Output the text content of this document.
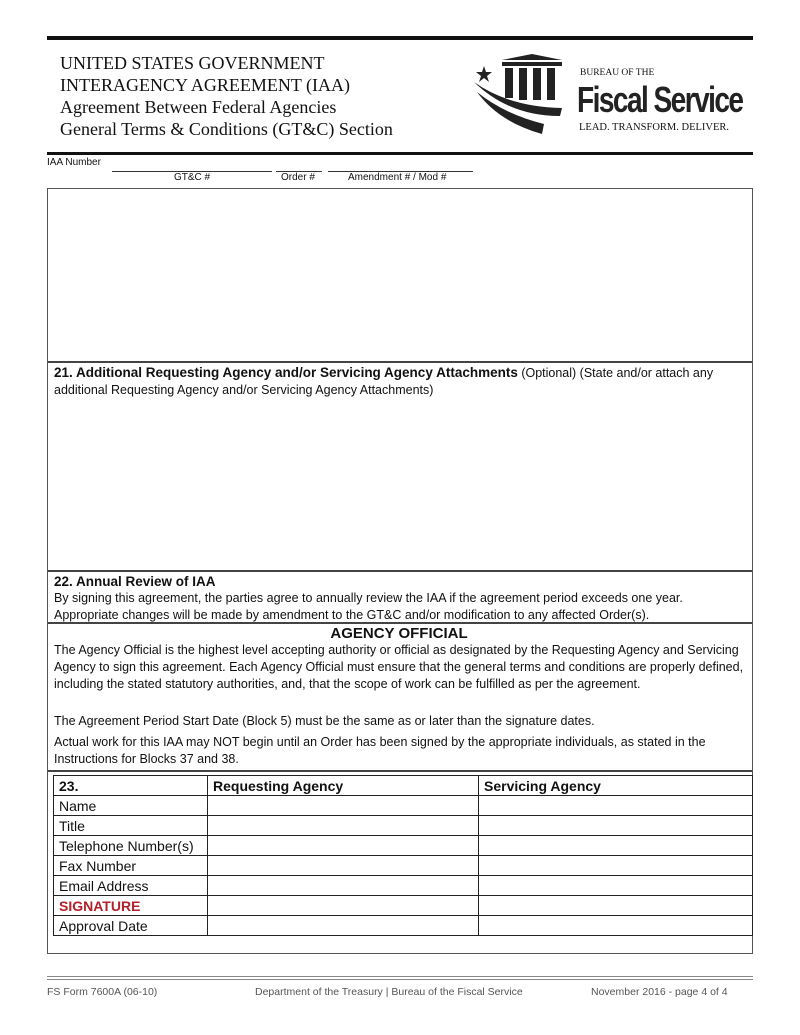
UNITED STATES GOVERNMENT
INTERAGENCY AGREEMENT (IAA)
Agreement Between Federal Agencies
General Terms & Conditions (GT&C) Section
BUREAU OF THE
Fiscal Service
LEAD. TRANSFORM. DELIVER.
IAA Number
GT&C #	Order #	Amendment # / Mod #
21. Additional Requesting Agency and/or Servicing Agency Attachments (Optional) (State and/or attach any additional Requesting Agency and/or Servicing Agency Attachments)
22. Annual Review of IAA
By signing this agreement, the parties agree to annually review the IAA if the agreement period exceeds one year. Appropriate changes will be made by amendment to the GT&C and/or modification to any affected Order(s).
AGENCY OFFICIAL
The Agency Official is the highest level accepting authority or official as designated by the Requesting Agency and Servicing Agency to sign this agreement. Each Agency Official must ensure that the general terms and conditions are properly defined, including the stated statutory authorities, and, that the scope of work can be fulfilled as per the agreement.
The Agreement Period Start Date (Block 5) must be the same as or later than the signature dates.
Actual work for this IAA may NOT begin until an Order has been signed by the appropriate individuals, as stated in the Instructions for Blocks 37 and 38.
23.	Requesting Agency	Servicing Agency
Name		
Title		
Telephone Number(s)		
Fax Number		
Email Address		
SIGNATURE		
Approval Date		
FS Form 7600A (06-10)	Department of the Treasury | Bureau of the Fiscal Service	November 2016 - page 4 of 4
